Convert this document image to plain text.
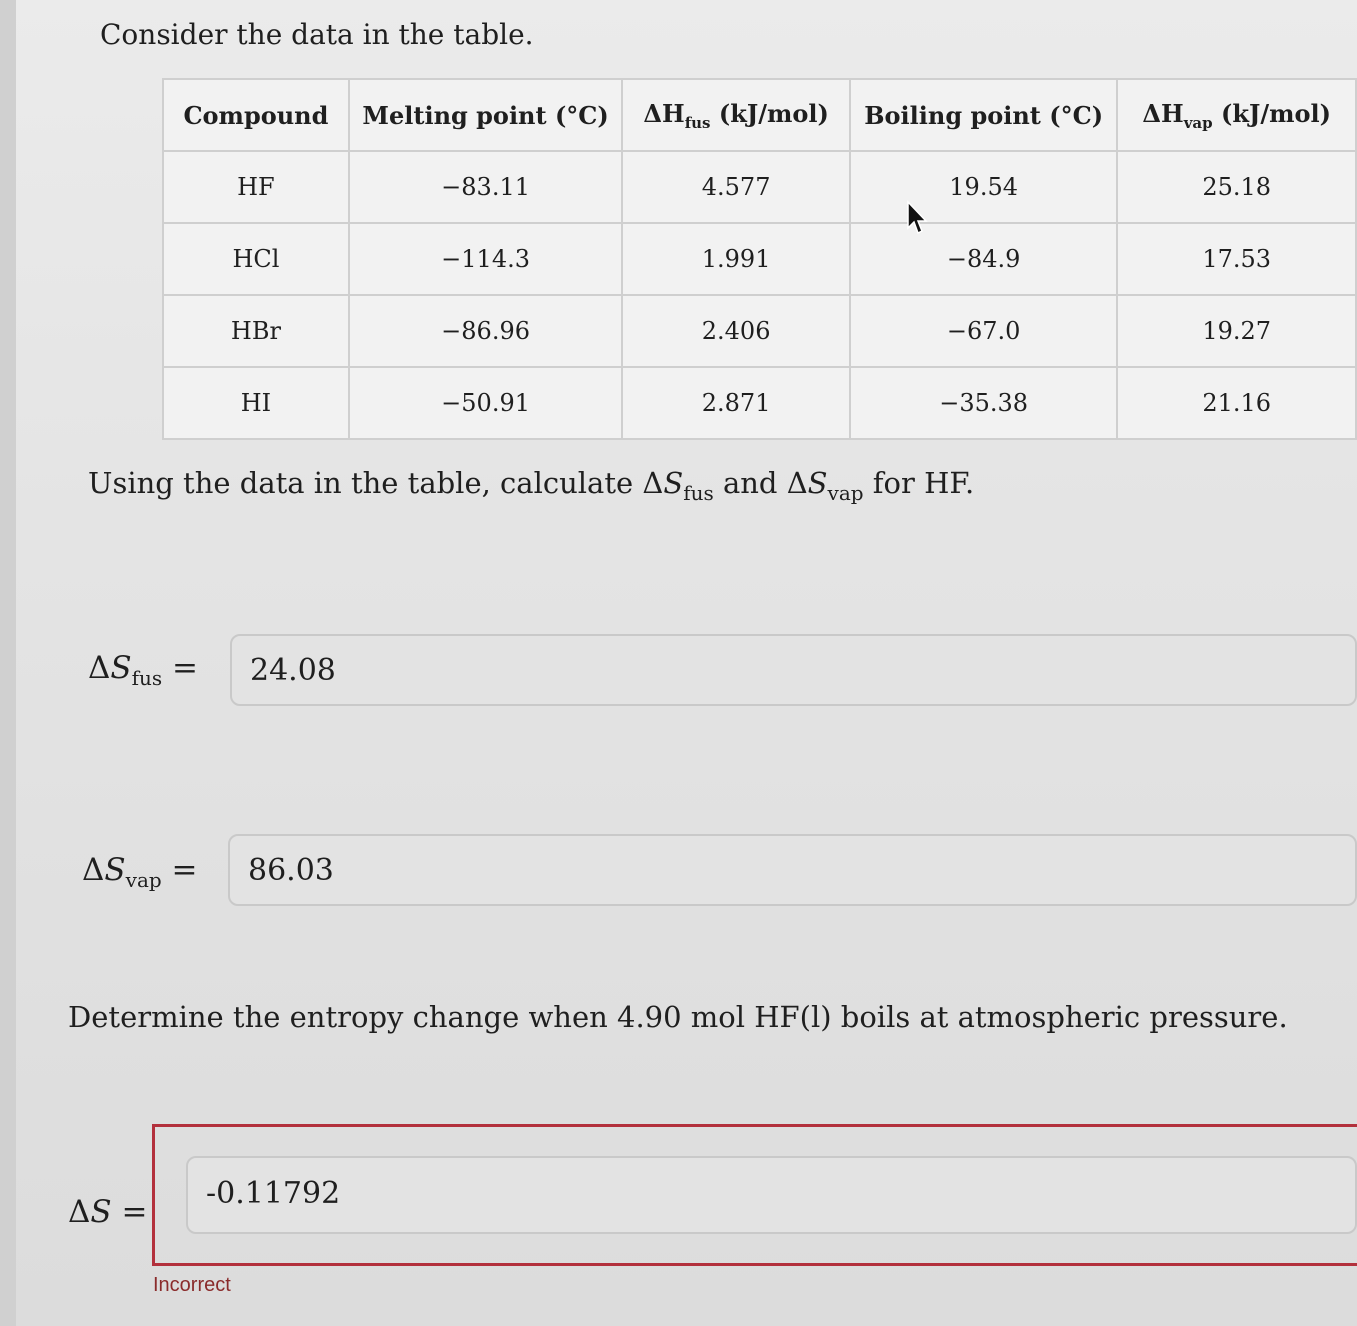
Consider the data in the table.
Compound	Melting point (°C)	$\Delta H_{fus}$ (kJ/mol)	Boiling point (°C)	$\Delta H_{vap}$ (kJ/mol)
HF	−83.11	4.577	19.54	25.18
HCl	−114.3	1.991	−84.9	17.53
HBr	−86.96	2.406	−67.0	19.27
HI	−50.91	2.871	−35.38	21.16
Using the data in the table, calculate $\Delta S_{fus}$ and $\Delta S_{vap}$ for HF.
$\Delta S_{fus}$ =	24.08
$\Delta S_{vap}$ =	86.03
Determine the entropy change when 4.90 mol HF(l) boils at atmospheric pressure.
ΔS =
-0.11792
Incorrect
